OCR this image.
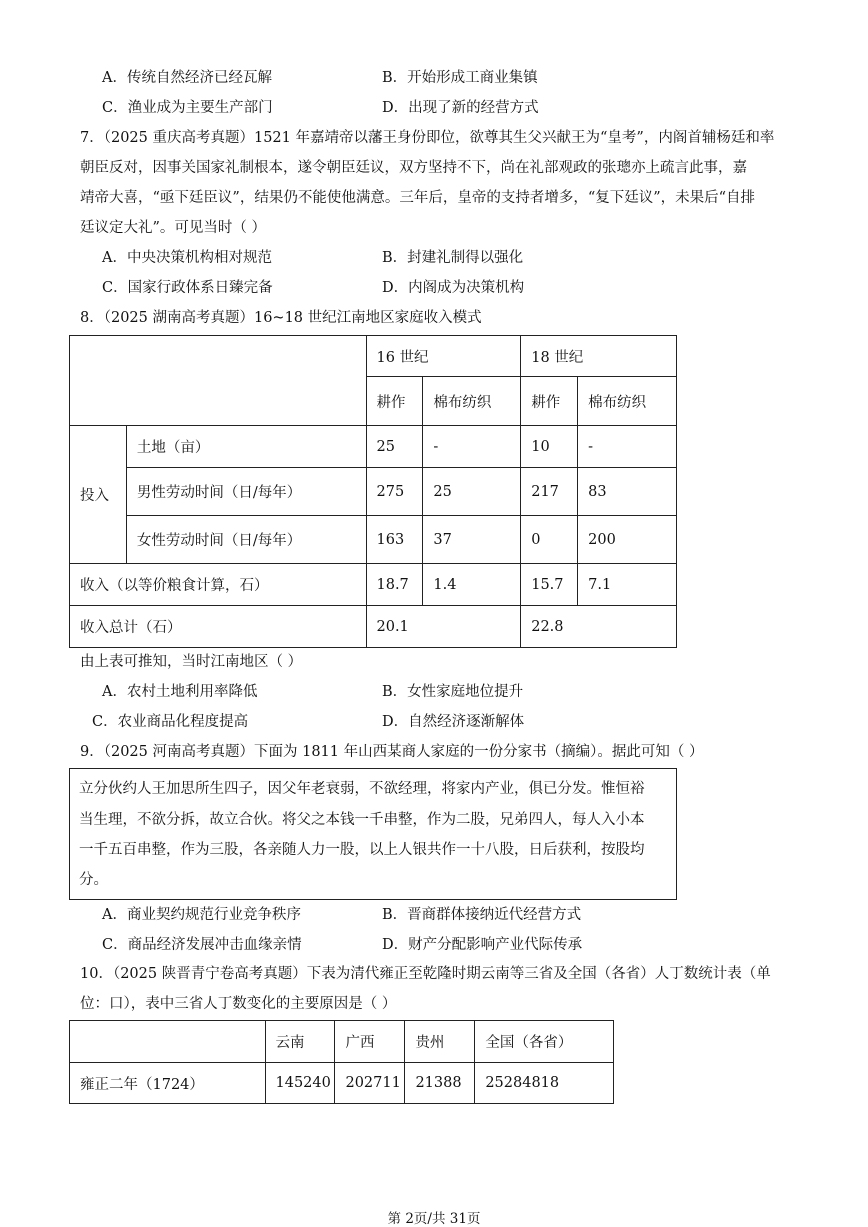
A．传统自然经济已经瓦解	B．开始形成工商业集镇
C．渔业成为主要生产部门	D．出现了新的经营方式
7．（2025 重庆高考真题）1521 年嘉靖帝以藩王身份即位，欲尊其生父兴献王为“皇考”，内阁首辅杨廷和率
朝臣反对，因事关国家礼制根本，遂令朝臣廷议，双方坚持不下，尚在礼部观政的张璁亦上疏言此事，嘉
靖帝大喜，“亟下廷臣议”，结果仍不能使他满意。三年后，皇帝的支持者增多，“复下廷议”，未果后“自排
廷议定大礼”。可见当时（ ）
A．中央决策机构相对规范	B．封建礼制得以强化
C．国家行政体系日臻完备	D．内阁成为决策机构
8．（2025 湖南高考真题）16~18 世纪江南地区家庭收入模式
		16 世纪		18 世纪	
		耕作	棉布纺织	耕作	棉布纺织
投入	土地（亩）	25	-	10	-
	男性劳动时间（日/每年）	275	25	217	83
	女性劳动时间（日/每年）	163	37	0	200
收入（以等价粮食计算，石）		18.7	1.4	15.7	7.1
收入总计（石）		20.1		22.8	
由上表可推知，当时江南地区（ ）
A．农村土地利用率降低	B．女性家庭地位提升
C．农业商品化程度提高	D．自然经济逐渐解体
9．（2025 河南高考真题）下面为 1811 年山西某商人家庭的一份分家书（摘编）。据此可知（ ）
立分伙约人王加思所生四子，因父年老衰弱，不欲经理，将家内产业，俱已分发。惟恒裕
当生理，不欲分拆，故立合伙。将父之本钱一千串整，作为二股，兄弟四人，每人入小本
一千五百串整，作为三股，各亲随人力一股，以上人银共作一十八股，日后获利，按股均
分。
A．商业契约规范行业竞争秩序	B．晋商群体接纳近代经营方式
C．商品经济发展冲击血缘亲情	D．财产分配影响产业代际传承
10．（2025 陕晋青宁卷高考真题）下表为清代雍正至乾隆时期云南等三省及全国（各省）人丁数统计表（单
位：口），表中三省人丁数变化的主要原因是（ ）
	云南	广西	贵州	全国（各省）
雍正二年（1724）	145240	202711	21388	25284818
第 2页/共 31页
